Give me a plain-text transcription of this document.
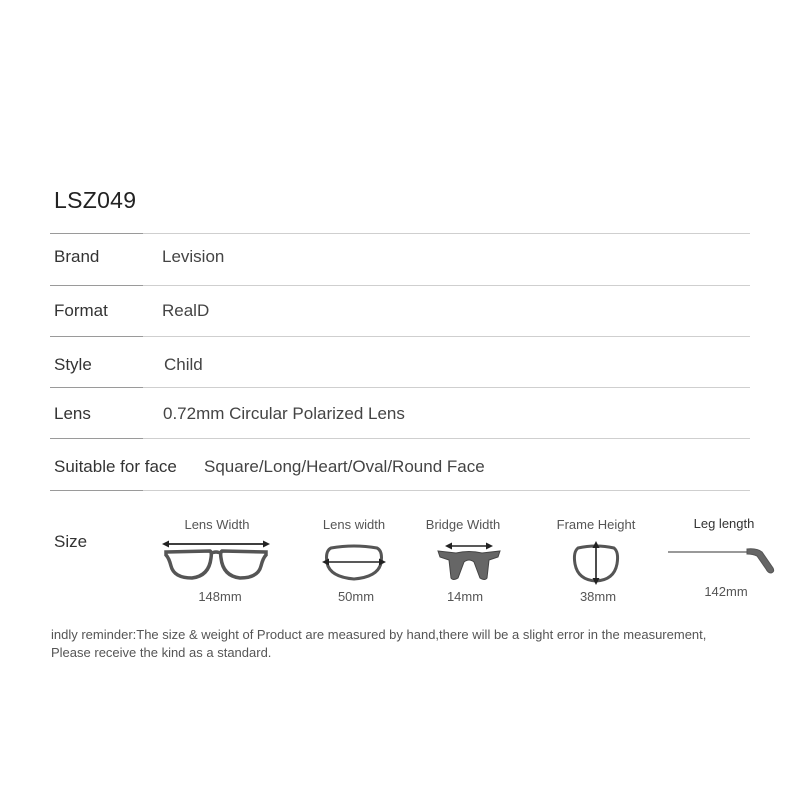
LSZ049
Brand	Levision
Format	RealD
Style	Child
Lens	0.72mm Circular Polarized Lens
Suitable for face Square/Long/Heart/Oval/Round Face
Size
Lens Width
148mm
Lens width
50mm
Bridge Width
14mm
Frame Height
38mm
Leg length
142mm
indly reminder:The size & weight of Product are measured by hand,there will be a slight error in the measurement,
Please receive the kind as a standard.
